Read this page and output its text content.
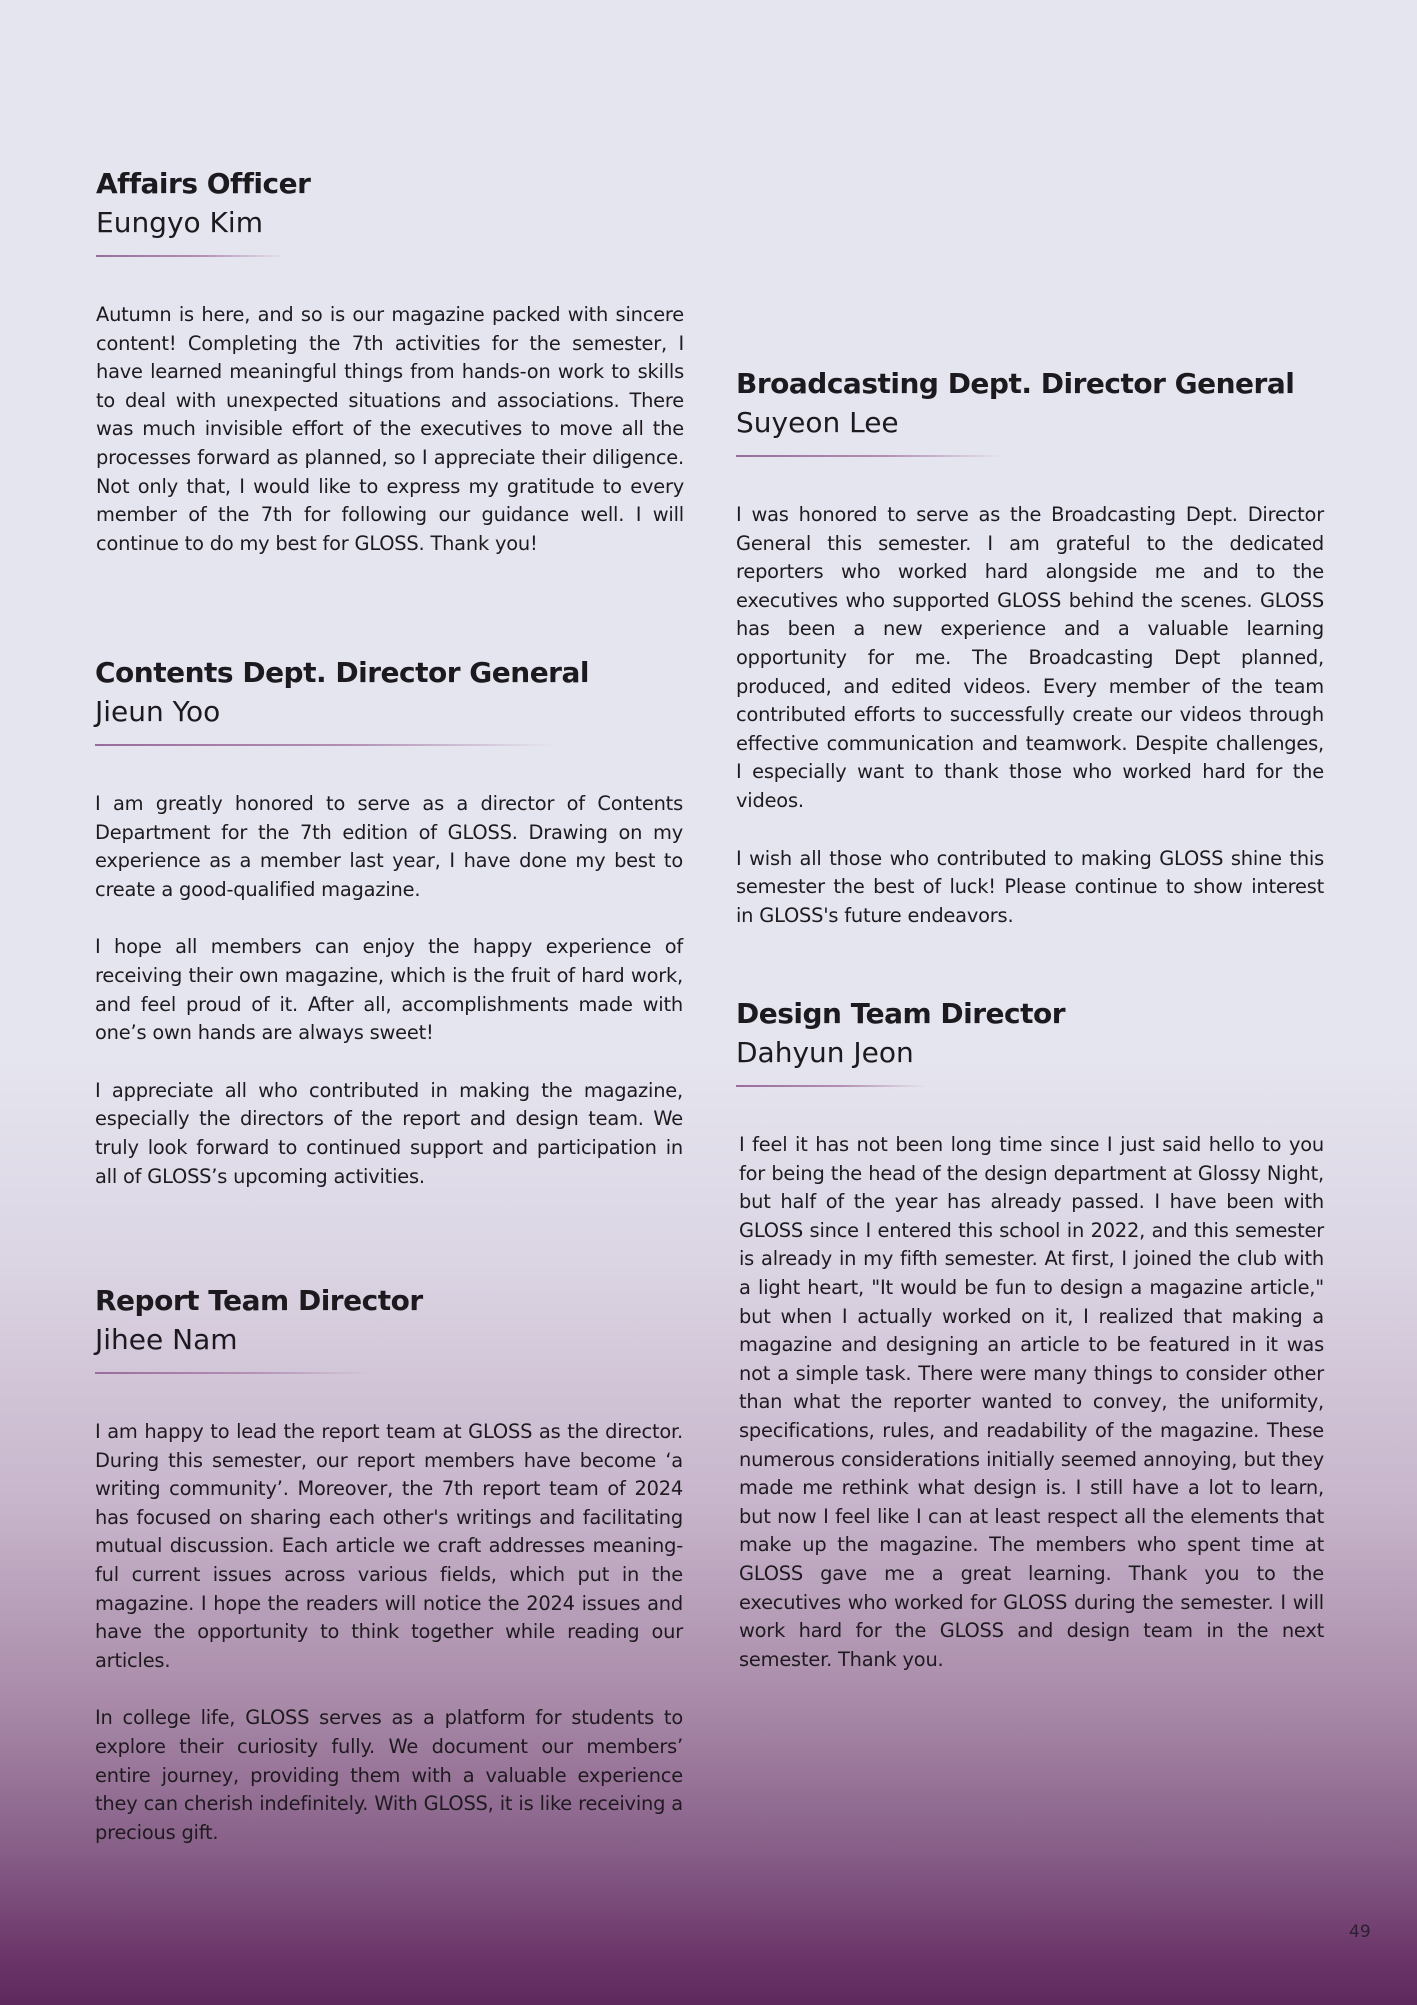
Affairs Officer
Eungyo Kim

Autumn is here, and so is our magazine packed with sincere content! Completing the 7th activities for the semester, I have learned meaningful things from hands-on work to skills to deal with unexpected situations and associations. There was much invisible effort of the executives to move all the processes forward as planned, so I appreciate their diligence. Not only that, I would like to express my gratitude to every member of the 7th for following our guidance well. I will continue to do my best for GLOSS. Thank you!

Contents Dept. Director General
Jieun Yoo

I am greatly honored to serve as a director of Contents Department for the 7th edition of GLOSS. Drawing on my experience as a member last year, I have done my best to create a good-qualified magazine.

I hope all members can enjoy the happy experience of receiving their own magazine, which is the fruit of hard work, and feel proud of it. After all, accomplishments made with one’s own hands are always sweet!

I appreciate all who contributed in making the magazine, especially the directors of the report and design team. We truly look forward to continued support and participation in all of GLOSS’s upcoming activities.

Report Team Director
Jihee Nam

I am happy to lead the report team at GLOSS as the director. During this semester, our report members have become ‘a writing community’. Moreover, the 7th report team of 2024 has focused on sharing each other's writings and facilitating mutual discussion. Each article we craft addresses meaning-ful current issues across various fields, which put in the magazine. I hope the readers will notice the 2024 issues and have the opportunity to think together while reading our articles.

In college life, GLOSS serves as a platform for students to explore their curiosity fully. We document our members’ entire journey, providing them with a valuable experience they can cherish indefinitely. With GLOSS, it is like receiving a precious gift.

Broadcasting Dept. Director General
Suyeon Lee

I was honored to serve as the Broadcasting Dept. Director General this semester. I am grateful to the dedicated reporters who worked hard alongside me and to the executives who supported GLOSS behind the scenes. GLOSS has been a new experience and a valuable learning opportunity for me. The Broadcasting Dept planned, produced, and edited videos. Every member of the team contributed efforts to successfully create our videos through effective communication and teamwork. Despite challenges, I especially want to thank those who worked hard for the videos.

I wish all those who contributed to making GLOSS shine this semester the best of luck! Please continue to show interest in GLOSS's future endeavors.

Design Team Director
Dahyun Jeon

I feel it has not been long time since I just said hello to you for being the head of the design department at Glossy Night, but half of the year has already passed. I have been with GLOSS since I entered this school in 2022, and this semester is already in my fifth semester. At first, I joined the club with a light heart, "It would be fun to design a magazine article," but when I actually worked on it, I realized that making a magazine and designing an article to be featured in it was not a simple task. There were many things to consider other than what the reporter wanted to convey, the uniformity, specifications, rules, and readability of the magazine. These numerous considerations initially seemed annoying, but they made me rethink what design is. I still have a lot to learn, but now I feel like I can at least respect all the elements that make up the magazine. The members who spent time at GLOSS gave me a great learning. Thank you to the executives who worked for GLOSS during the semester. I will work hard for the GLOSS and design team in the next semester. Thank you.

49
